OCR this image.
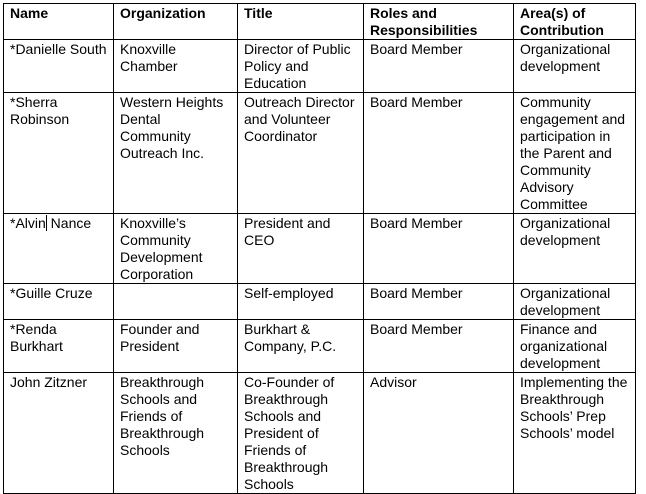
Name	Organization	Title	Roles and Responsibilities	Area(s) of Contribution
*Danielle South	Knoxville Chamber	Director of Public Policy and Education	Board Member	Organizational development
*Sherra Robinson	Western Heights Dental Community Outreach Inc.	Outreach Director and Volunteer Coordinator	Board Member	Community engagement and participation in the Parent and Community Advisory Committee
*Alvin Nance	Knoxville’s Community Development Corporation	President and CEO	Board Member	Organizational development
*Guille Cruze		Self-employed	Board Member	Organizational development
*Renda Burkhart	Founder and President	Burkhart & Company, P.C.	Board Member	Finance and organizational development
John Zitzner	Breakthrough Schools and Friends of Breakthrough Schools	Co-Founder of Breakthrough Schools and President of Friends of Breakthrough Schools	Advisor	Implementing the Breakthrough Schools’ Prep Schools’ model
